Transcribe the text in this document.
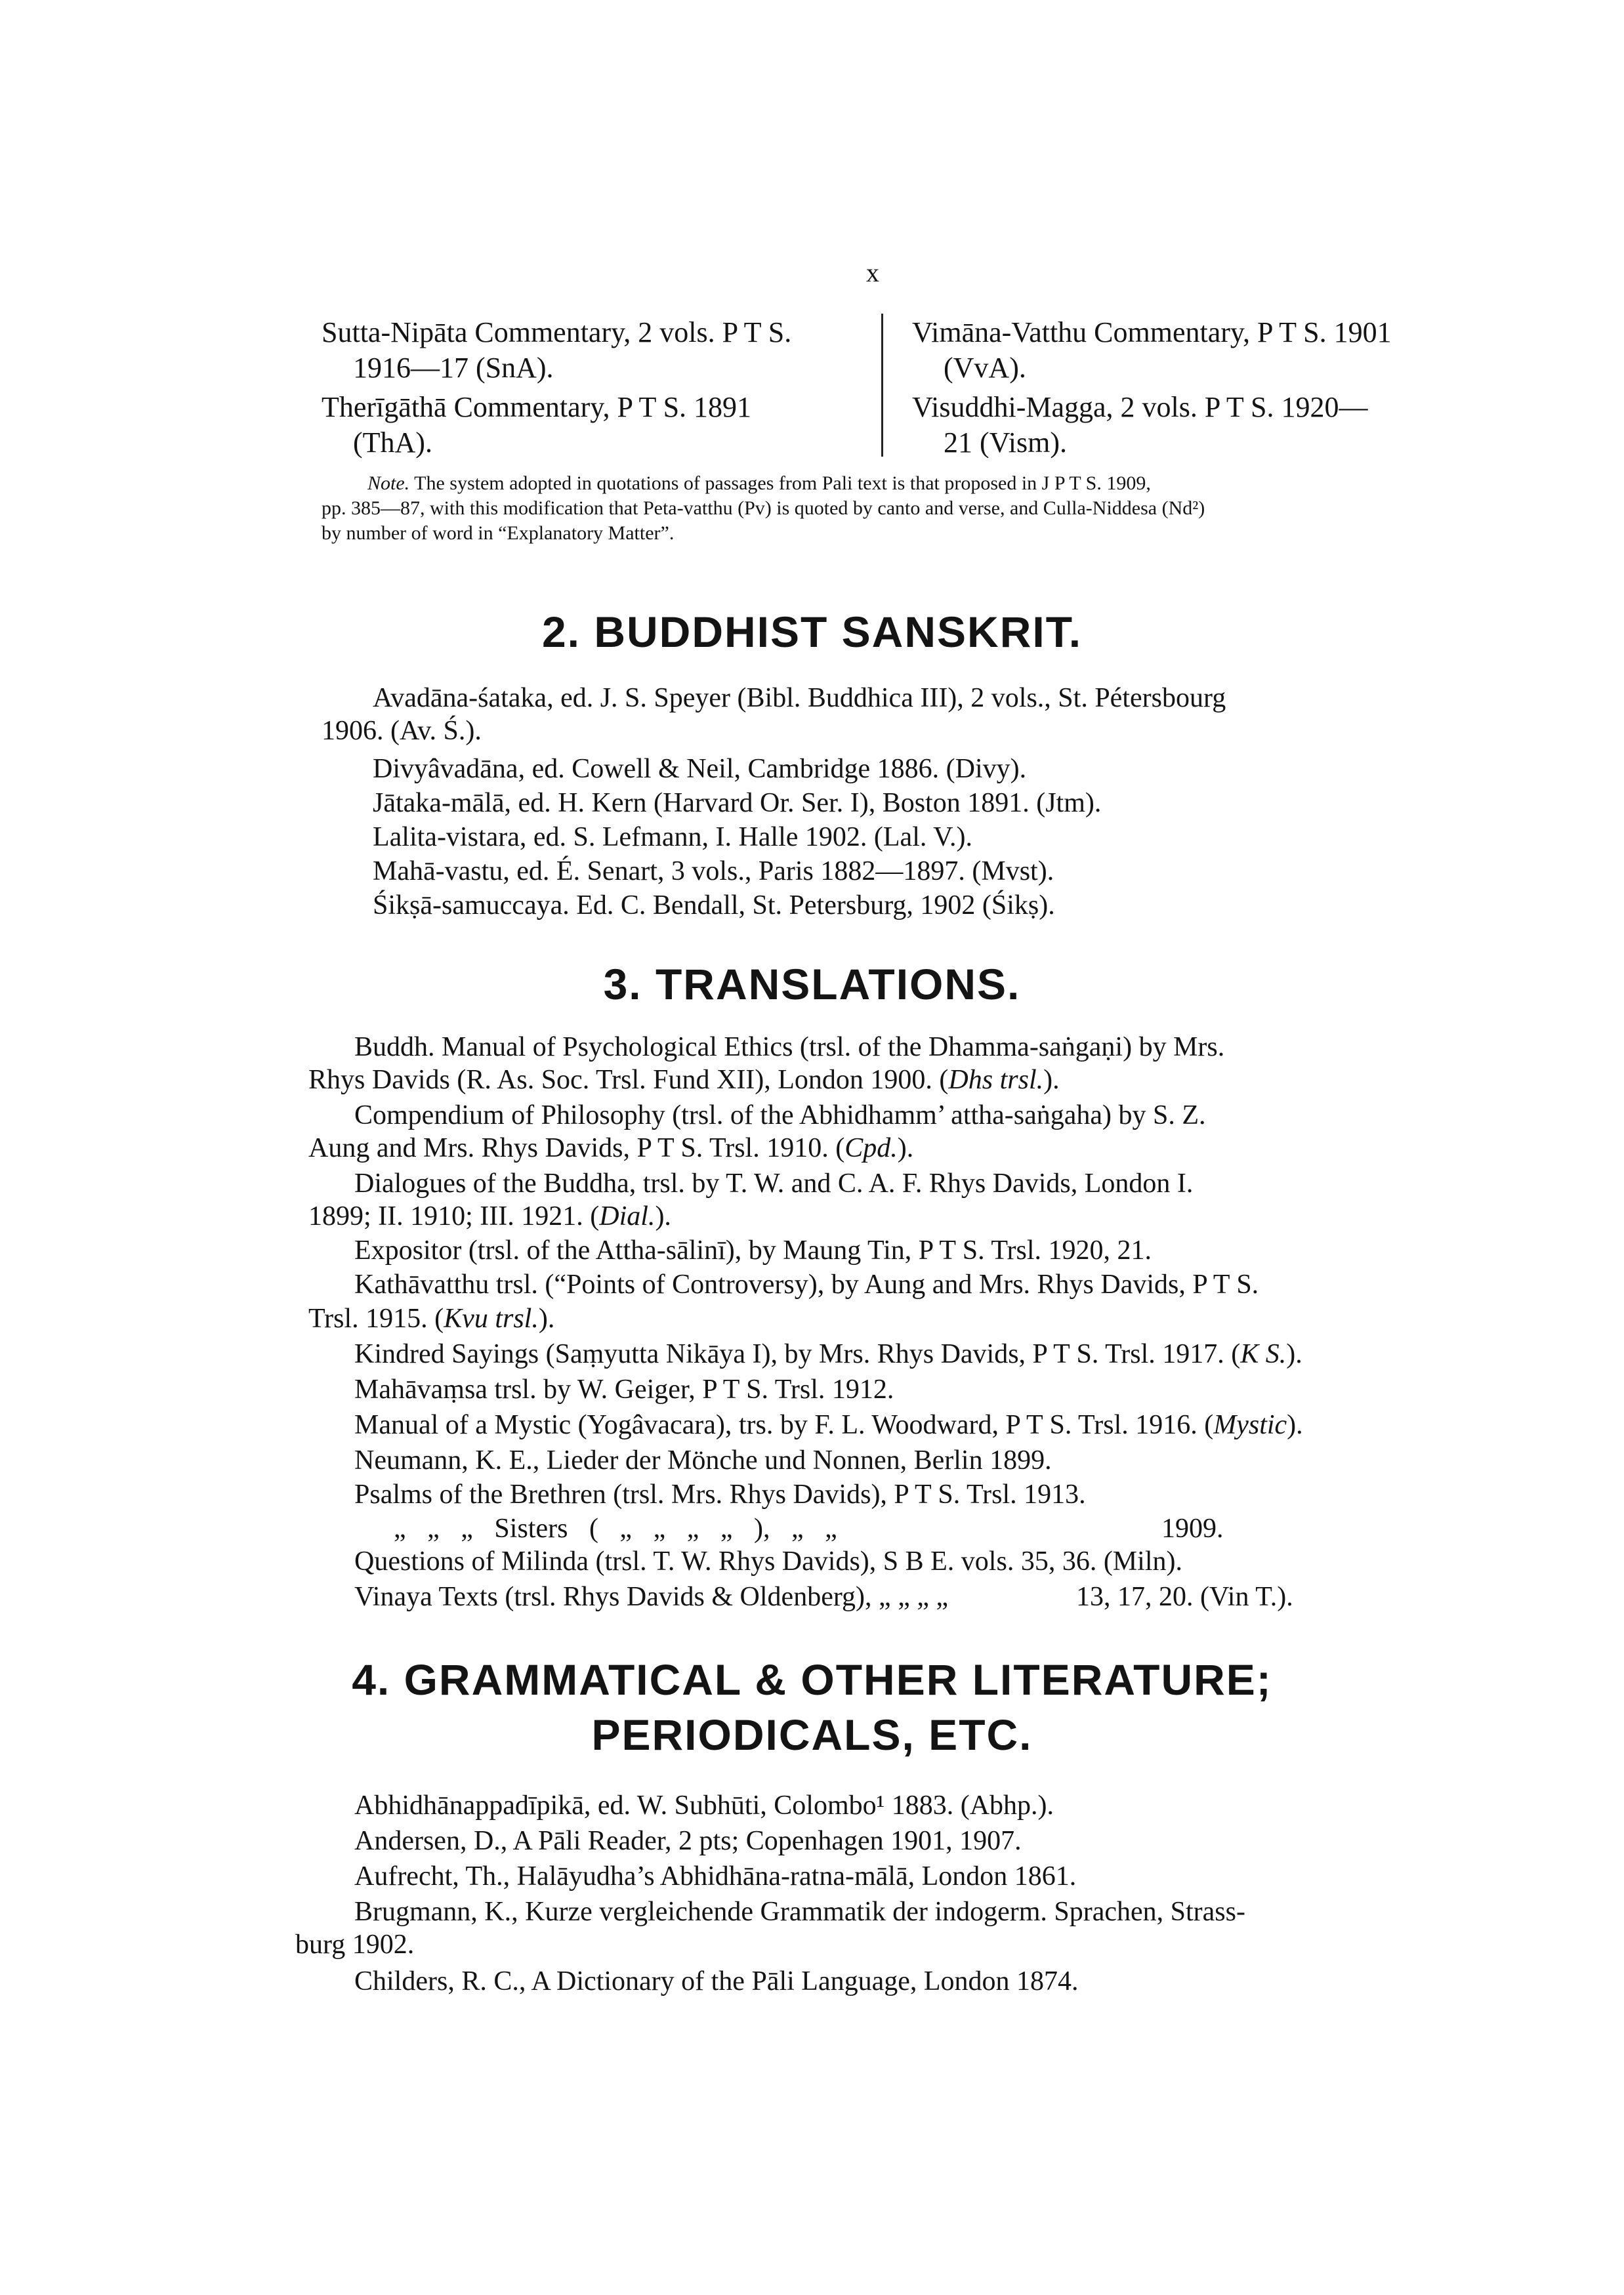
x

Sutta-Nipāta Commentary, 2 vols. P T S.
1916—17 (SnA).

Therīgāthā Commentary, P T S. 1891
(ThA).

Vimāna-Vatthu Commentary, P T S. 1901
(VvA).

Visuddhi-Magga, 2 vols. P T S. 1920—
21 (Vism).

Note. The system adopted in quotations of passages from Pali text is that proposed in J P T S. 1909,

pp. 385—87, with this modification that Peta-vatthu (Pv) is quoted by canto and verse, and Culla-Niddesa (Nd²)
by number of word in “Explanatory Matter”.
2. BUDDHIST SANSKRIT.
Avadāna-śataka, ed. J. S. Speyer (Bibl. Buddhica III), 2 vols., St. Pétersbourg
1906. (Av. Ś.).
Divyâvadāna, ed. Cowell & Neil, Cambridge 1886. (Divy).
Jātaka-mālā, ed. H. Kern (Harvard Or. Ser. I), Boston 1891. (Jtm).
Lalita-vistara, ed. S. Lefmann, I. Halle 1902. (Lal. V.).
Mahā-vastu, ed. É. Senart, 3 vols., Paris 1882—1897. (Mvst).
Śikṣā-samuccaya. Ed. C. Bendall, St. Petersburg, 1902 (Śikṣ).
3. TRANSLATIONS.
Buddh. Manual of Psychological Ethics (trsl. of the Dhamma-saṅgaṇi) by Mrs.
Rhys Davids (R. As. Soc. Trsl. Fund XII), London 1900. (Dhs trsl.).
Compendium of Philosophy (trsl. of the Abhidhamm’ attha-saṅgaha) by S. Z.
Aung and Mrs. Rhys Davids, P T S. Trsl. 1910. (Cpd.).
Dialogues of the Buddha, trsl. by T. W. and C. A. F. Rhys Davids, London I.
1899; II. 1910; III. 1921. (Dial.).
Expositor (trsl. of the Attha-sālinī), by Maung Tin, P T S. Trsl. 1920, 21.
Kathāvatthu trsl. (“Points of Controversy), by Aung and Mrs. Rhys Davids, P T S.
Trsl. 1915. (Kvu trsl.).
Kindred Sayings (Saṃyutta Nikāya I), by Mrs. Rhys Davids, P T S. Trsl. 1917. (K S.).
Mahāvaṃsa trsl. by W. Geiger, P T S. Trsl. 1912.
Manual of a Mystic (Yogâvacara), trs. by F. L. Woodward, P T S. Trsl. 1916. (Mystic).
Neumann, K. E., Lieder der Mönche und Nonnen, Berlin 1899.
Psalms of the Brethren (trsl. Mrs. Rhys Davids), P T S. Trsl. 1913.
„ „ „ Sisters ( „ „ „ „ ), „ „	1909.
Questions of Milinda (trsl. T. W. Rhys Davids), S B E. vols. 35, 36. (Miln).
Vinaya Texts (trsl. Rhys Davids & Oldenberg), „ „ „ „	13, 17, 20. (Vin T.).
4. GRAMMATICAL & OTHER LITERATURE;
PERIODICALS, ETC.
Abhidhānappadīpikā, ed. W. Subhūti, Colombo¹ 1883. (Abhp.).
Andersen, D., A Pāli Reader, 2 pts; Copenhagen 1901, 1907.
Aufrecht, Th., Halāyudha’s Abhidhāna-ratna-mālā, London 1861.
Brugmann, K., Kurze vergleichende Grammatik der indogerm. Sprachen, Strass-
burg 1902.
Childers, R. C., A Dictionary of the Pāli Language, London 1874.
